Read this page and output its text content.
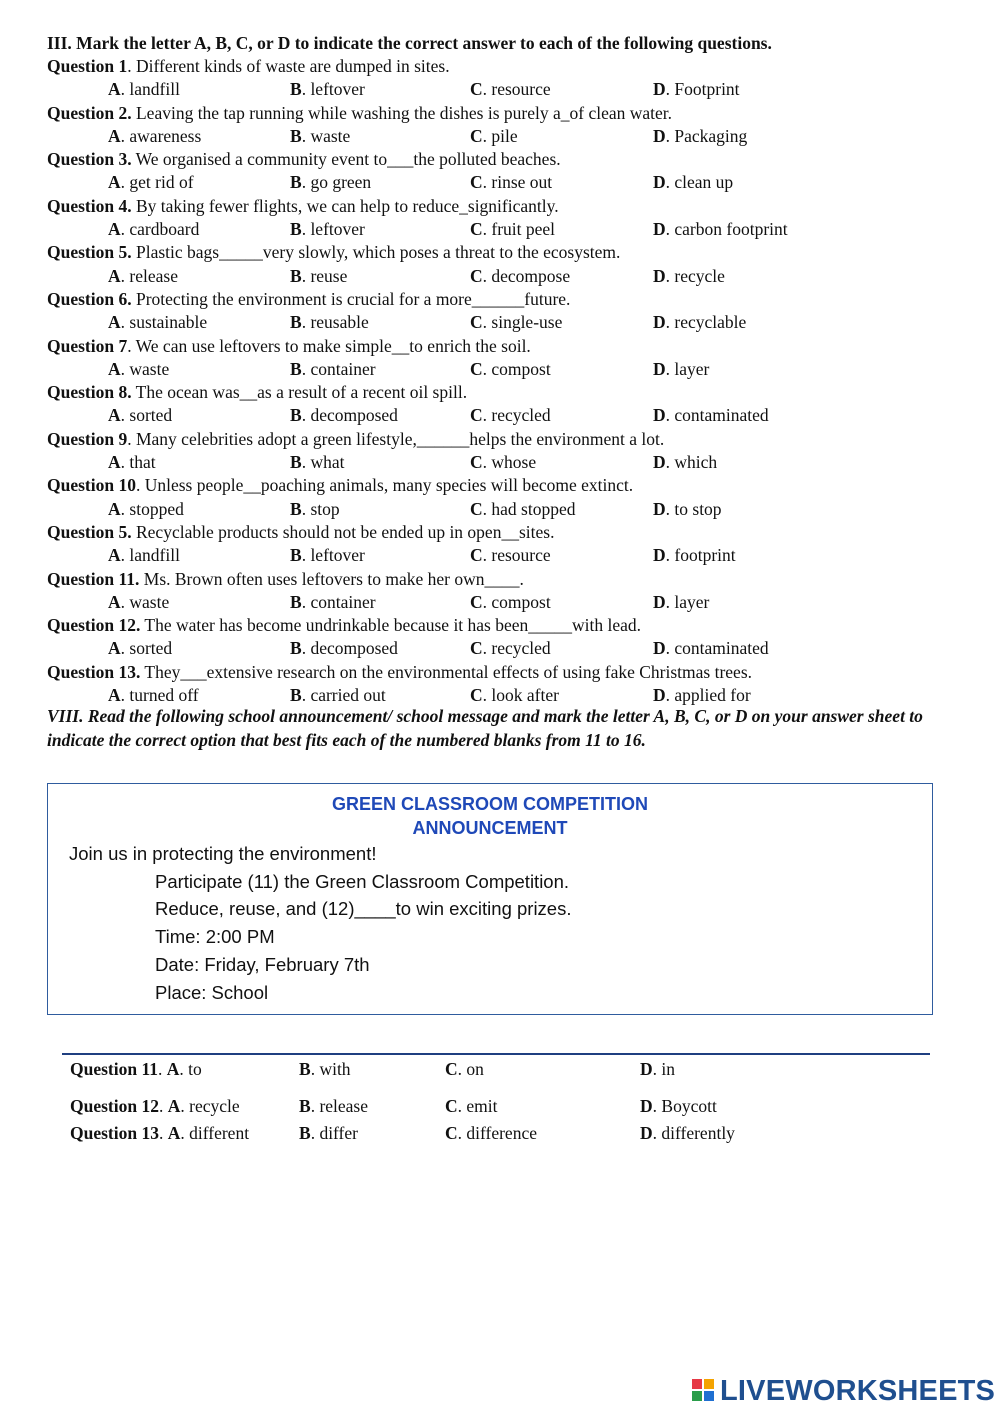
III. Mark the letter A, B, C, or D to indicate the correct answer to each of the following questions.
Question 1. Different kinds of waste are dumped in sites.
A. landfill	B. leftover	C. resource	D. Footprint
Question 2. Leaving the tap running while washing the dishes is purely a_of clean water.
A. awareness	B. waste	C. pile	D. Packaging
Question 3. We organised a community event to___the polluted beaches.
A. get rid of	B. go green	C. rinse out	D. clean up
Question 4. By taking fewer flights, we can help to reduce_significantly.
A. cardboard	B. leftover	C. fruit peel	D. carbon footprint
Question 5. Plastic bags_____very slowly, which poses a threat to the ecosystem.
A. release	B. reuse	C. decompose	D. recycle
Question 6. Protecting the environment is crucial for a more______future.
A. sustainable	B. reusable	C. single-use	D. recyclable
Question 7. We can use leftovers to make simple__to enrich the soil.
A. waste	B. container	C. compost	D. layer
Question 8. The ocean was__as a result of a recent oil spill.
A. sorted	B. decomposed	C. recycled	D. contaminated
Question 9. Many celebrities adopt a green lifestyle,______helps the environment a lot.
A. that	B. what	C. whose	D. which
Question 10. Unless people__poaching animals, many species will become extinct.
A. stopped	B. stop	C. had stopped	D. to stop
Question 5. Recyclable products should not be ended up in open__sites.
A. landfill	B. leftover	C. resource	D. footprint
Question 11. Ms. Brown often uses leftovers to make her own____.
A. waste	B. container	C. compost	D. layer
Question 12. The water has become undrinkable because it has been_____with lead.
A. sorted	B. decomposed	C. recycled	D. contaminated
Question 13. They___extensive research on the environmental effects of using fake Christmas trees.
A. turned off	B. carried out	C. look after	D. applied for
VIII. Read the following school announcement/ school message and mark the letter A, B, C, or D on your answer sheet to indicate the correct option that best fits each of the numbered blanks from 11 to 16.
GREEN CLASSROOM COMPETITION
ANNOUNCEMENT
Join us in protecting the environment!
Participate (11) the Green Classroom Competition.
Reduce, reuse, and (12)____to win exciting prizes.
Time: 2:00 PM
Date: Friday, February 7th
Place: School
Question 11. A. to	B. with	C. on	D. in
Question 12. A. recycle	B. release	C. emit	D. Boycott
Question 13. A. different	B. differ	C. difference	D. differently
LIVEWORKSHEETS
